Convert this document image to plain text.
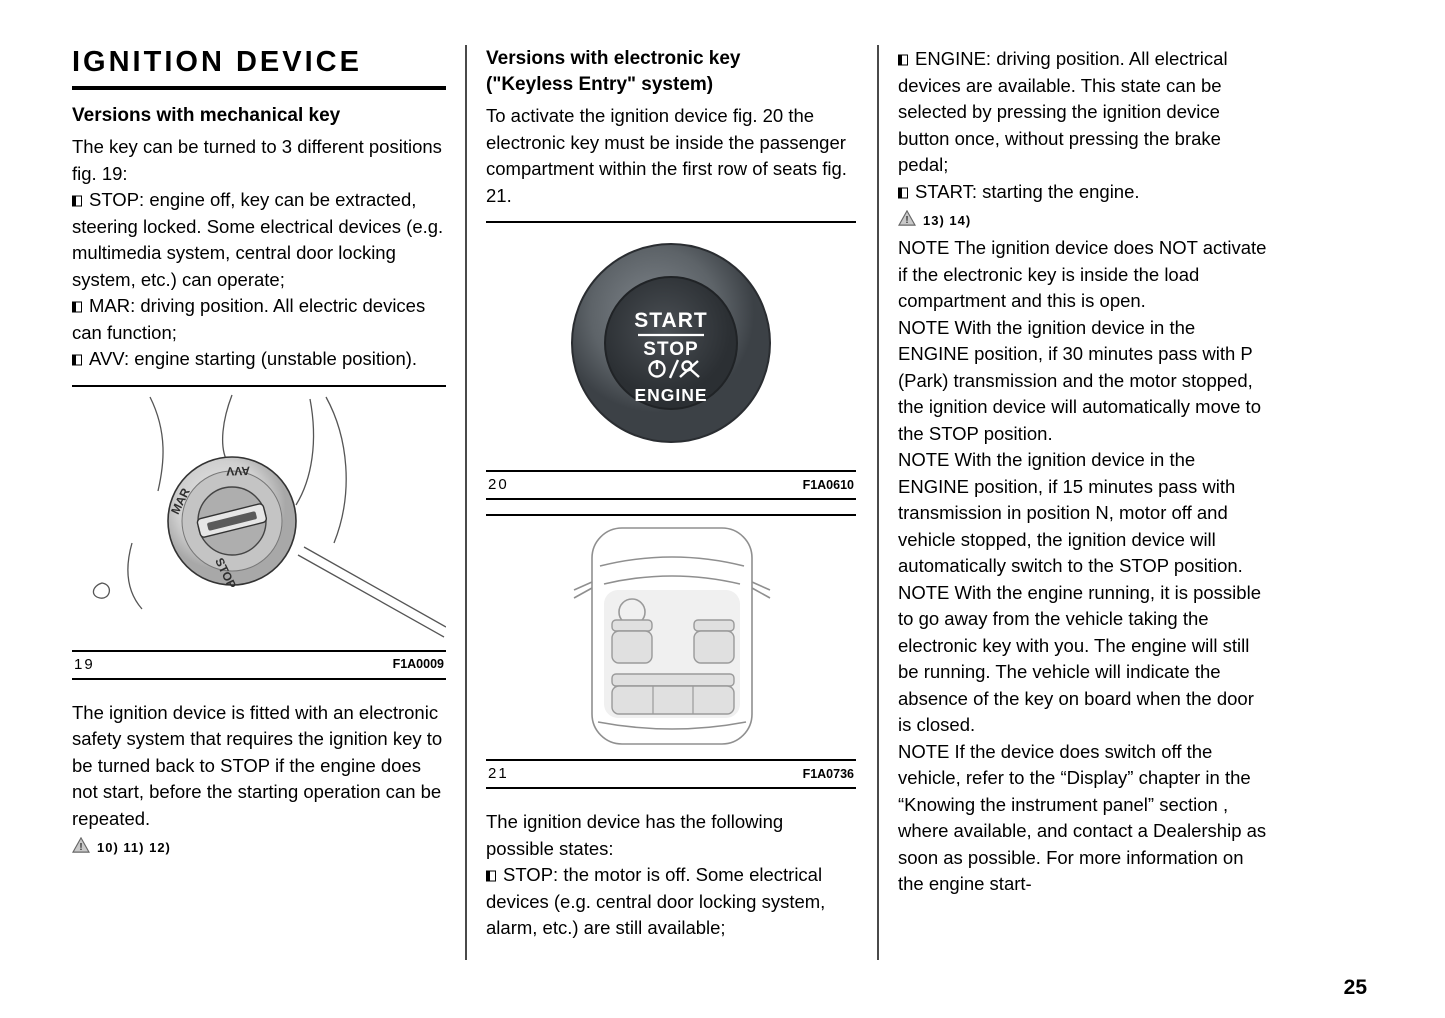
IGNITION DEVICE
Versions with mechanical key

The key can be turned to 3 different positions fig. 19:

STOP: engine off, key can be extracted, steering locked. Some electrical devices (e.g. multimedia system, central door locking system, etc.) can operate;

MAR: driving position. All electric devices can function;

AVV: engine starting (unstable position).

AVV
MAR
STOP
19	F1A0009

The ignition device is fitted with an electronic safety system that requires the ignition key to be turned back to STOP if the engine does not start, before the starting operation can be repeated.

! 10) 11) 12)
Versions with electronic key
("Keyless Entry" system)

To activate the ignition device fig. 20 the electronic key must be inside the passenger compartment within the first row of seats fig. 21.

START
STOP
ENGINE
20	F1A0610
21	F1A0736

The ignition device has the following possible states:

STOP: the motor is off. Some electrical devices (e.g. central door locking system, alarm, etc.) are still available;

ENGINE: driving position. All electrical devices are available. This state can be selected by pressing the ignition device button once, without pressing the brake pedal;

START: starting the engine.

! 13) 14)

NOTE The ignition device does NOT activate if the electronic key is inside the load compartment and this is open.

NOTE With the ignition device in the ENGINE position, if 30 minutes pass with P (Park) transmission and the motor stopped, the ignition device will automatically move to the STOP position.

NOTE With the ignition device in the ENGINE position, if 15 minutes pass with transmission in position N, motor off and vehicle stopped, the ignition device will automatically switch to the STOP position.

NOTE With the engine running, it is possible to go away from the vehicle taking the electronic key with you. The engine will still be running. The vehicle will indicate the absence of the key on board when the door is closed.

NOTE If the device does switch off the vehicle, refer to the “Display” chapter in the “Knowing the instrument panel” section , where available, and contact a Dealership as soon as possible. For more information on the engine start-

25
